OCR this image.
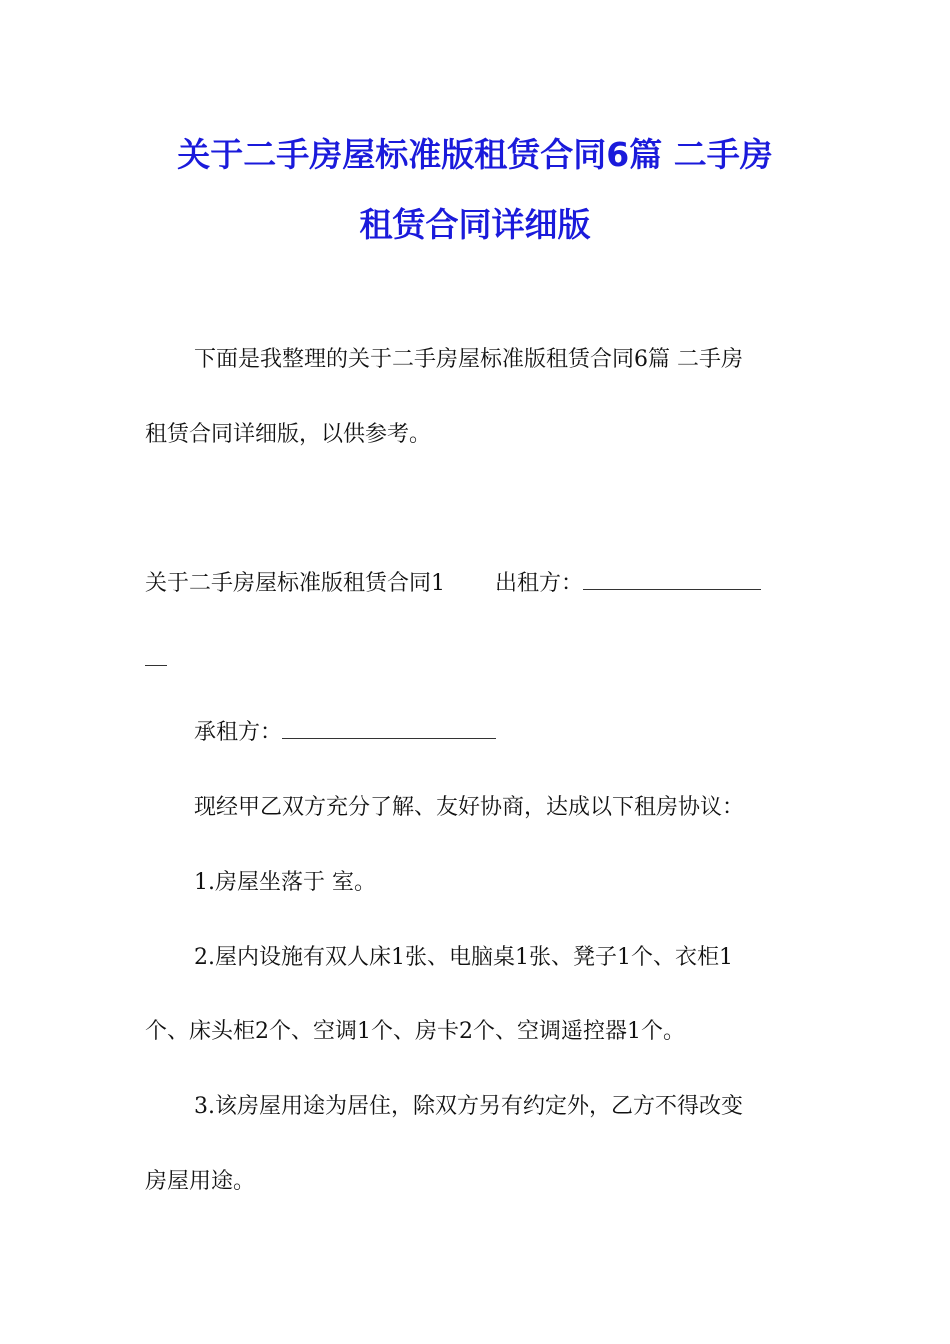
关于二手房屋标准版租赁合同6篇 二手房
租赁合同详细版
下面是我整理的关于二手房屋标准版租赁合同6篇 二手房
租赁合同详细版，以供参考。
关于二手房屋标准版租赁合同1 出租方：
承租方：
现经甲乙双方充分了解、友好协商，达成以下租房协议：
1.房屋坐落于 室。
2.屋内设施有双人床1张、电脑桌1张、凳子1个、衣柜1
个、床头柜2个、空调1个、房卡2个、空调遥控器1个。
3.该房屋用途为居住，除双方另有约定外，乙方不得改变
房屋用途。
